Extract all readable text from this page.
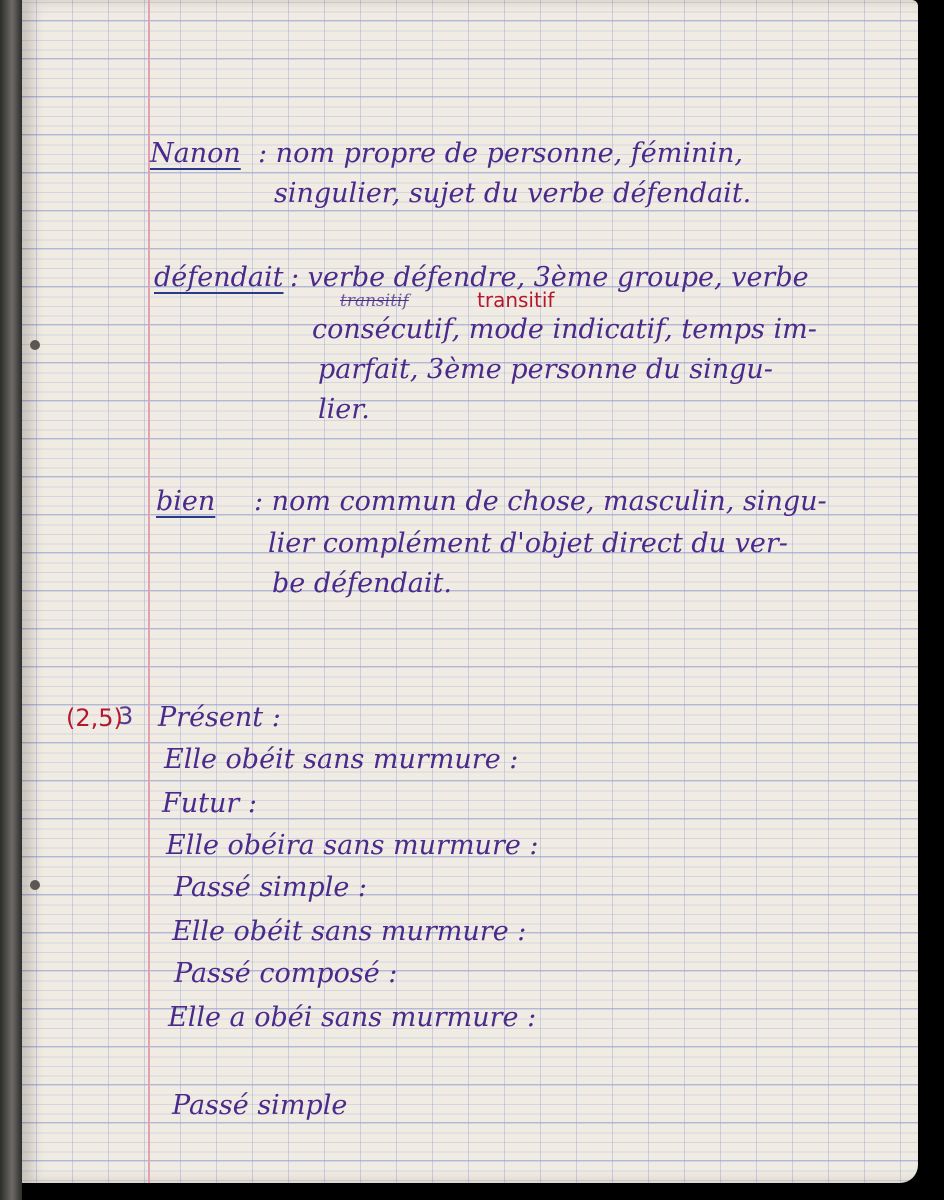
Nanon : nom propre de personne, féminin,
singulier, sujet du verbe défendait.
défendait : verbe défendre, 3ème groupe, verbe
transitif	transitif
consécutif, mode indicatif, temps im-
parfait, 3ème personne du singu-
lier.
bien : nom commun de chose, masculin, singu-
lier complément d'objet direct du ver-
be défendait.
(2,5)
3 Présent :
Elle obéit sans murmure :
Futur :
Elle obéira sans murmure :
Passé simple :
Elle obéit sans murmure :
Passé composé :
Elle a obéi sans murmure :
Passé simple
